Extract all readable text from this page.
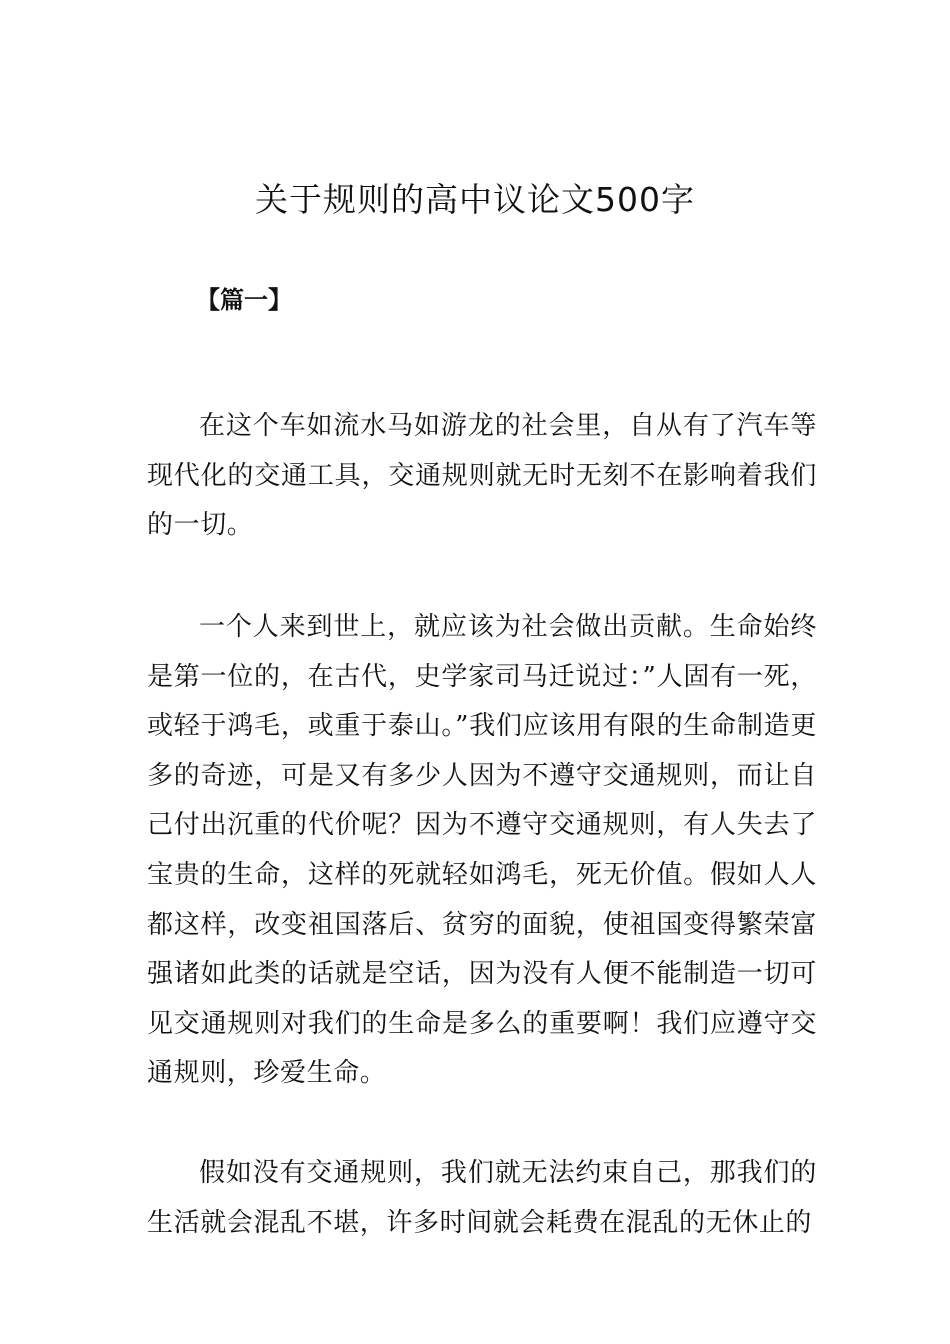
关于规则的高中议论文500字
【篇一】

在这个车如流水马如游龙的社会里，自从有了汽车等现代化的交通工具，交通规则就无时无刻不在影响着我们的一切。

一个人来到世上，就应该为社会做出贡献。生命始终是第一位的，在古代，史学家司马迁说过：”人固有一死，或轻于鸿毛，或重于泰山。”我们应该用有限的生命制造更多的奇迹，可是又有多少人因为不遵守交通规则，而让自己付出沉重的代价呢？因为不遵守交通规则，有人失去了宝贵的生命，这样的死就轻如鸿毛，死无价值。假如人人都这样，改变祖国落后、贫穷的面貌，使祖国变得繁荣富强诸如此类的话就是空话，因为没有人便不能制造一切可见交通规则对我们的生命是多么的重要啊！我们应遵守交通规则，珍爱生命。

假如没有交通规则，我们就无法约束自己，那我们的生活就会混乱不堪，许多时间就会耗费在混乱的无休止的
